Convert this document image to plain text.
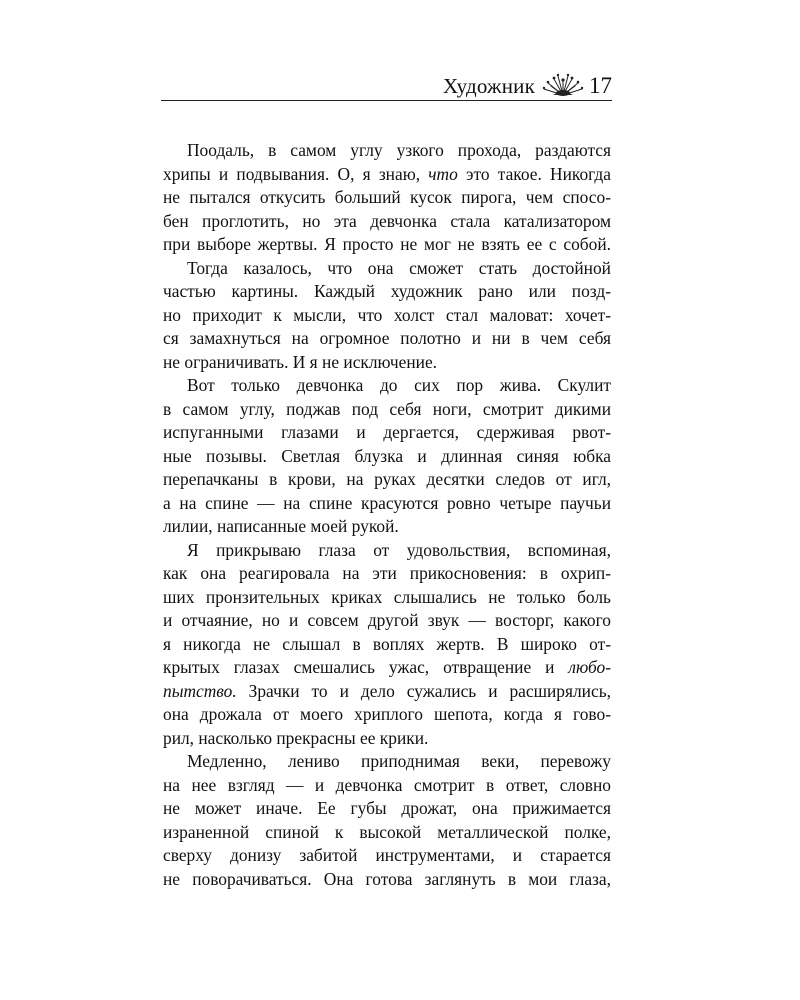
Художник 17
Поодаль, в самом углу узкого прохода, раздаются
хрипы и подвывания. О, я знаю, что это такое. Никогда
не пытался откусить больший кусок пирога, чем спосо-
бен проглотить, но эта девчонка стала катализатором
при выборе жертвы. Я просто не мог не взять ее с собой.
Тогда казалось, что она сможет стать достойной
частью картины. Каждый художник рано или позд-
но приходит к мысли, что холст стал маловат: хочет-
ся замахнуться на огромное полотно и ни в чем себя
не ограничивать. И я не исключение.
Вот только девчонка до сих пор жива. Скулит
в самом углу, поджав под себя ноги, смотрит дикими
испуганными глазами и дергается, сдерживая рвот-
ные позывы. Светлая блузка и длинная синяя юбка
перепачканы в крови, на руках десятки следов от игл,
а на спине — на спине красуются ровно четыре паучьи
лилии, написанные моей рукой.
Я прикрываю глаза от удовольствия, вспоминая,
как она реагировала на эти прикосновения: в охрип-
ших пронзительных криках слышались не только боль
и отчаяние, но и совсем другой звук — восторг, какого
я никогда не слышал в воплях жертв. В широко от-
крытых глазах смешались ужас, отвращение и любо-
пытство. Зрачки то и дело сужались и расширялись,
она дрожала от моего хриплого шепота, когда я гово-
рил, насколько прекрасны ее крики.
Медленно, лениво приподнимая веки, перевожу
на нее взгляд — и девчонка смотрит в ответ, словно
не может иначе. Ее губы дрожат, она прижимается
израненной спиной к высокой металлической полке,
сверху донизу забитой инструментами, и старается
не поворачиваться. Она готова заглянуть в мои глаза,
